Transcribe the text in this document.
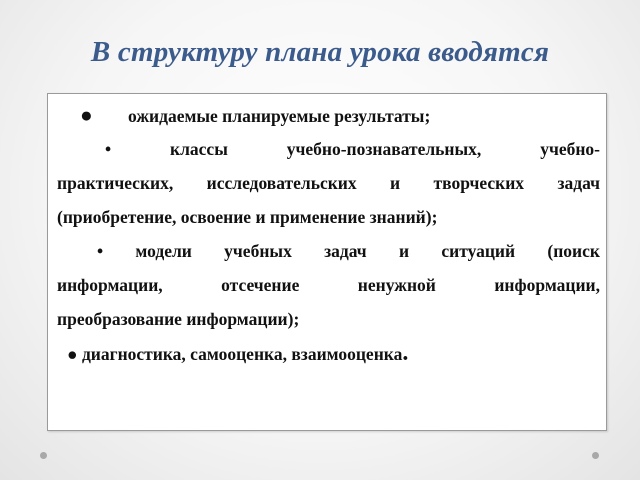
В структуру плана урока вводятся
● ожидаемые планируемые результаты;
• классы учебно-познавательных, учебно-
практических, исследовательских и творческих задач
(приобретение, освоение и применение знаний);
• модели учебных задач и ситуаций (поиск
информации, отсечение ненужной информации,
преобразование информации);
● диагностика, самооценка, взаимооценка.
